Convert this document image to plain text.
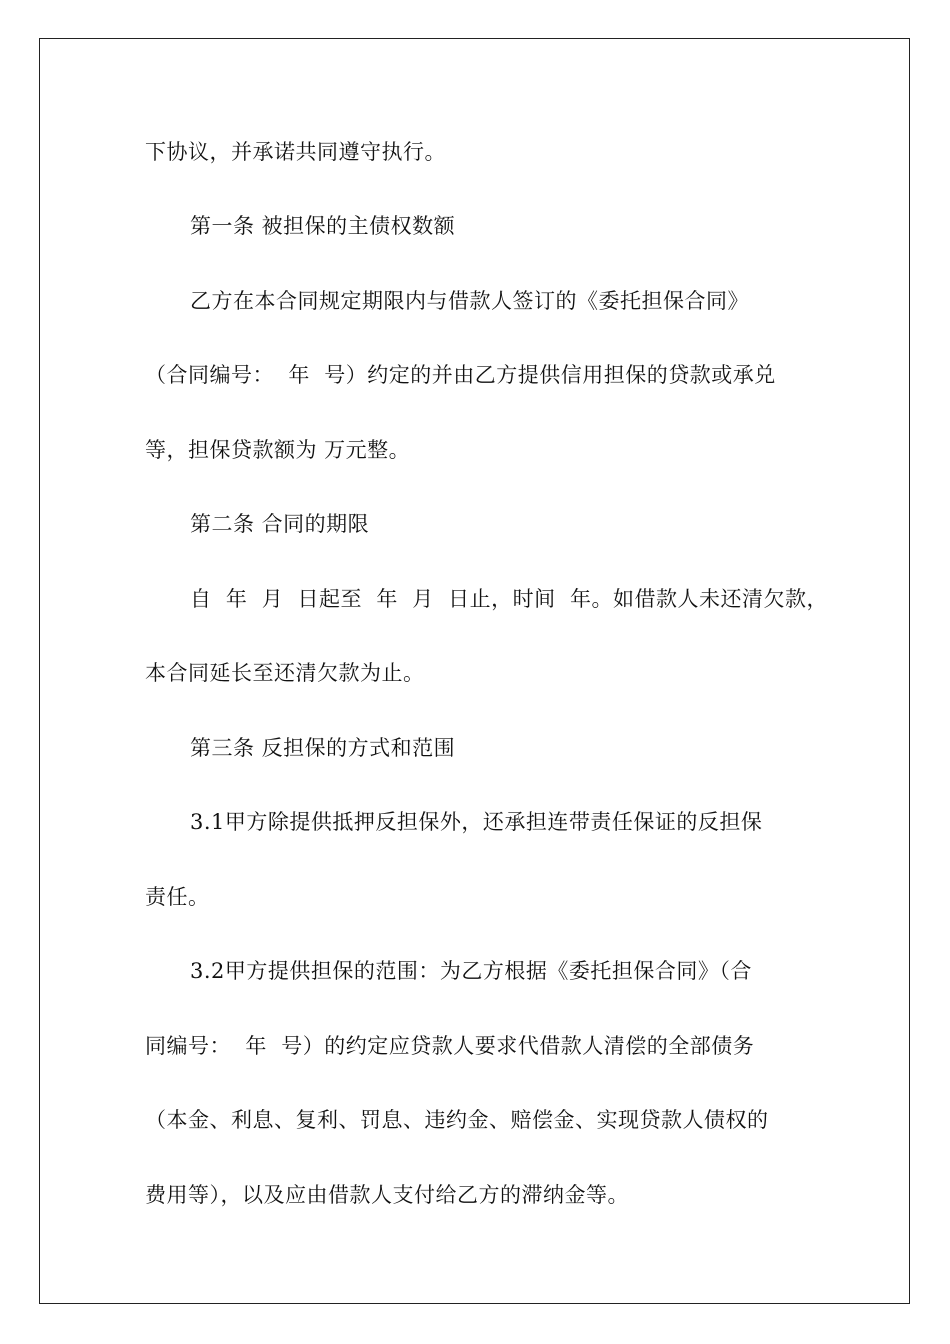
下协议，并承诺共同遵守执行。
第一条 被担保的主债权数额
乙方在本合同规定期限内与借款人签订的《委托担保合同》
（合同编号：  年  号）约定的并由乙方提供信用担保的贷款或承兑
等，担保贷款额为 万元整。
第二条 合同的期限
自  年  月  日起至  年  月  日止，时间  年。如借款人未还清欠款，
本合同延长至还清欠款为止。
第三条 反担保的方式和范围
3.1甲方除提供抵押反担保外，还承担连带责任保证的反担保
责任。
3.2甲方提供担保的范围：为乙方根据《委托担保合同》（合
同编号：  年  号）的约定应贷款人要求代借款人清偿的全部债务
（本金、利息、复利、罚息、违约金、赔偿金、实现贷款人债权的
费用等），以及应由借款人支付给乙方的滞纳金等。
